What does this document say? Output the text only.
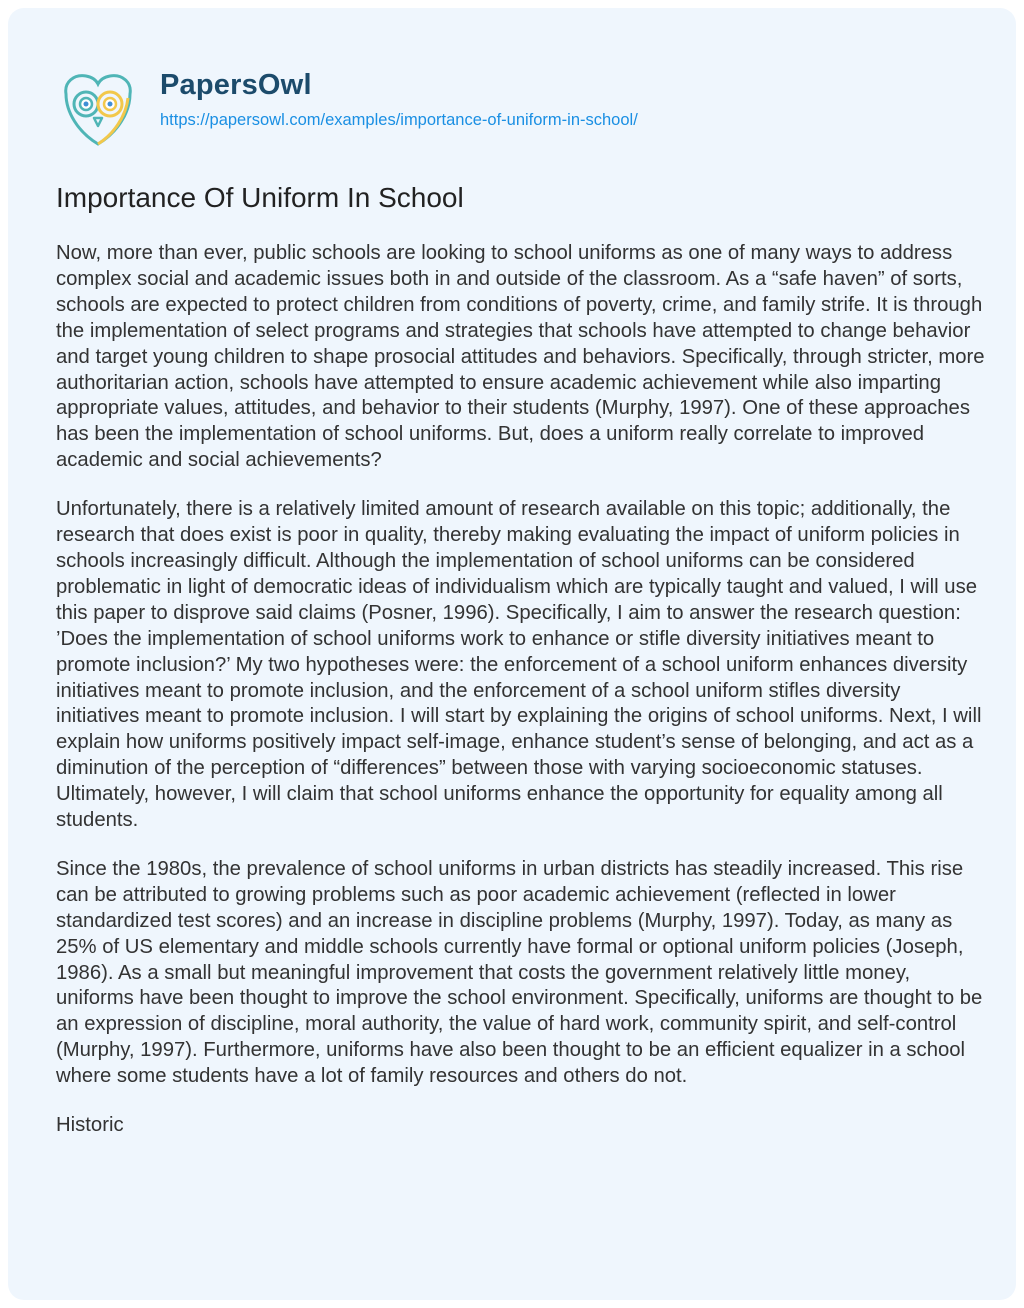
PapersOwl
https://papersowl.com/examples/importance-of-uniform-in-school/
Importance Of Uniform In School

Now, more than ever, public schools are looking to school uniforms as one of many ways to address complex social and academic issues both in and outside of the classroom. As a “safe haven” of sorts, schools are expected to protect children from conditions of poverty, crime, and family strife. It is through the implementation of select programs and strategies that schools have attempted to change behavior and target young children to shape prosocial attitudes and behaviors. Specifically, through stricter, more authoritarian action, schools have attempted to ensure academic achievement while also imparting appropriate values, attitudes, and behavior to their students (Murphy, 1997). One of these approaches has been the implementation of school uniforms. But, does a uniform really correlate to improved academic and social achievements?

Unfortunately, there is a relatively limited amount of research available on this topic; additionally, the research that does exist is poor in quality, thereby making evaluating the impact of uniform policies in schools increasingly difficult. Although the implementation of school uniforms can be considered problematic in light of democratic ideas of individualism which are typically taught and valued, I will use this paper to disprove said claims (Posner, 1996). Specifically, I aim to answer the research question: ’Does the implementation of school uniforms work to enhance or stifle diversity initiatives meant to promote inclusion?’ My two hypotheses were: the enforcement of a school uniform enhances diversity initiatives meant to promote inclusion, and the enforcement of a school uniform stifles diversity initiatives meant to promote inclusion. I will start by explaining the origins of school uniforms. Next, I will explain how uniforms positively impact self-image, enhance student’s sense of belonging, and act as a diminution of the perception of “differences” between those with varying socioeconomic statuses. Ultimately, however, I will claim that school uniforms enhance the opportunity for equality among all students.

Since the 1980s, the prevalence of school uniforms in urban districts has steadily increased. This rise can be attributed to growing problems such as poor academic achievement (reflected in lower standardized test scores) and an increase in discipline problems (Murphy, 1997). Today, as many as 25% of US elementary and middle schools currently have formal or optional uniform policies (Joseph, 1986). As a small but meaningful improvement that costs the government relatively little money, uniforms have been thought to improve the school environment. Specifically, uniforms are thought to be an expression of discipline, moral authority, the value of hard work, community spirit, and self-control (Murphy, 1997). Furthermore, uniforms have also been thought to be an efficient equalizer in a school where some students have a lot of family resources and others do not.

Historic
